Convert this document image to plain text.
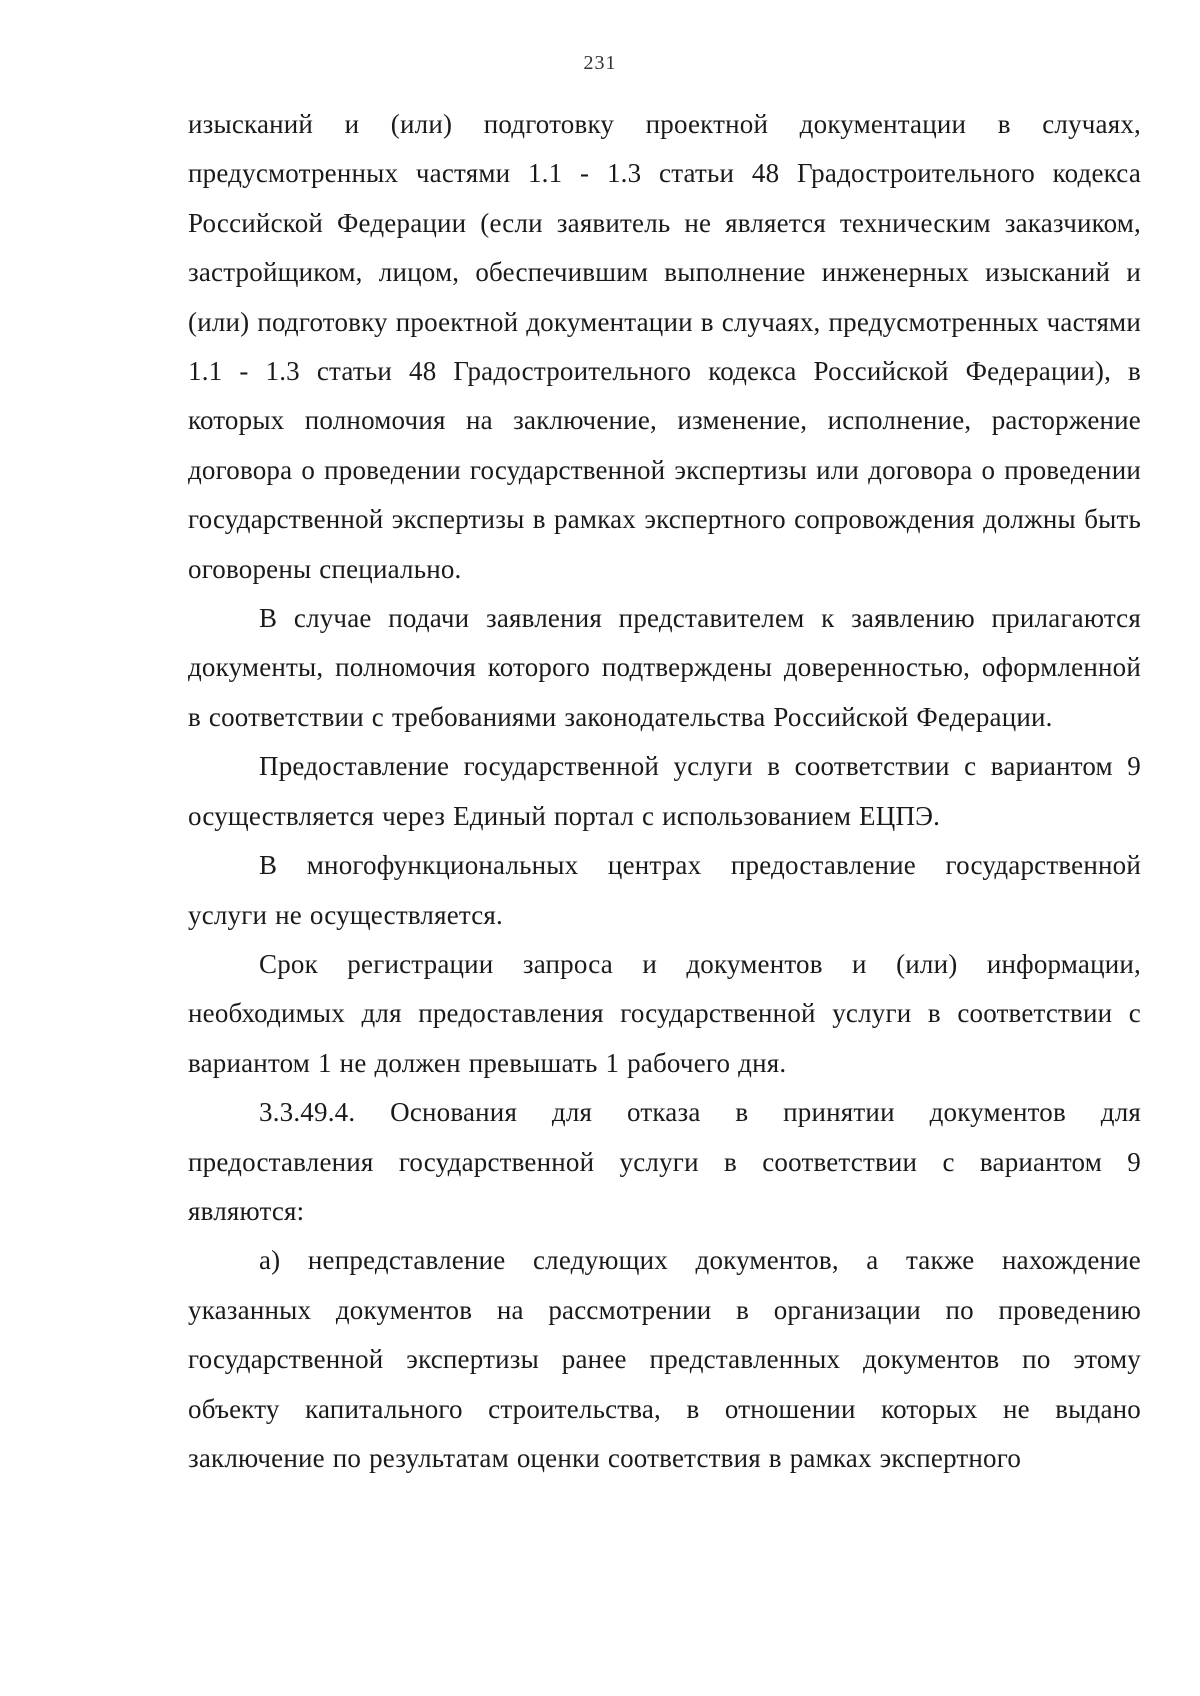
231

изысканий и (или) подготовку проектной документации в случаях, предусмотренных частями 1.1 - 1.3 статьи 48 Градостроительного кодекса Российской Федерации (если заявитель не является техническим заказчиком, застройщиком, лицом, обеспечившим выполнение инженерных изысканий и (или) подготовку проектной документации в случаях, предусмотренных частями 1.1 - 1.3 статьи 48 Градостроительного кодекса Российской Федерации), в которых полномочия на заключение, изменение, исполнение, расторжение договора о проведении государственной экспертизы или договора о проведении государственной экспертизы в рамках экспертного сопровождения должны быть оговорены специально.

В случае подачи заявления представителем к заявлению прилагаются документы, полномочия которого подтверждены доверенностью, оформленной в соответствии с требованиями законодательства Российской Федерации.

Предоставление государственной услуги в соответствии с вариантом 9 осуществляется через Единый портал с использованием ЕЦПЭ.

В многофункциональных центрах предоставление государственной услуги не осуществляется.

Срок регистрации запроса и документов и (или) информации, необходимых для предоставления государственной услуги в соответствии с вариантом 1 не должен превышать 1 рабочего дня.

3.3.49.4. Основания для отказа в принятии документов для предоставления государственной услуги в соответствии с вариантом 9 являются:

а) непредставление следующих документов, а также нахождение указанных документов на рассмотрении в организации по проведению государственной экспертизы ранее представленных документов по этому объекту капитального строительства, в отношении которых не выдано заключение по результатам оценки соответствия в рамках экспертного
